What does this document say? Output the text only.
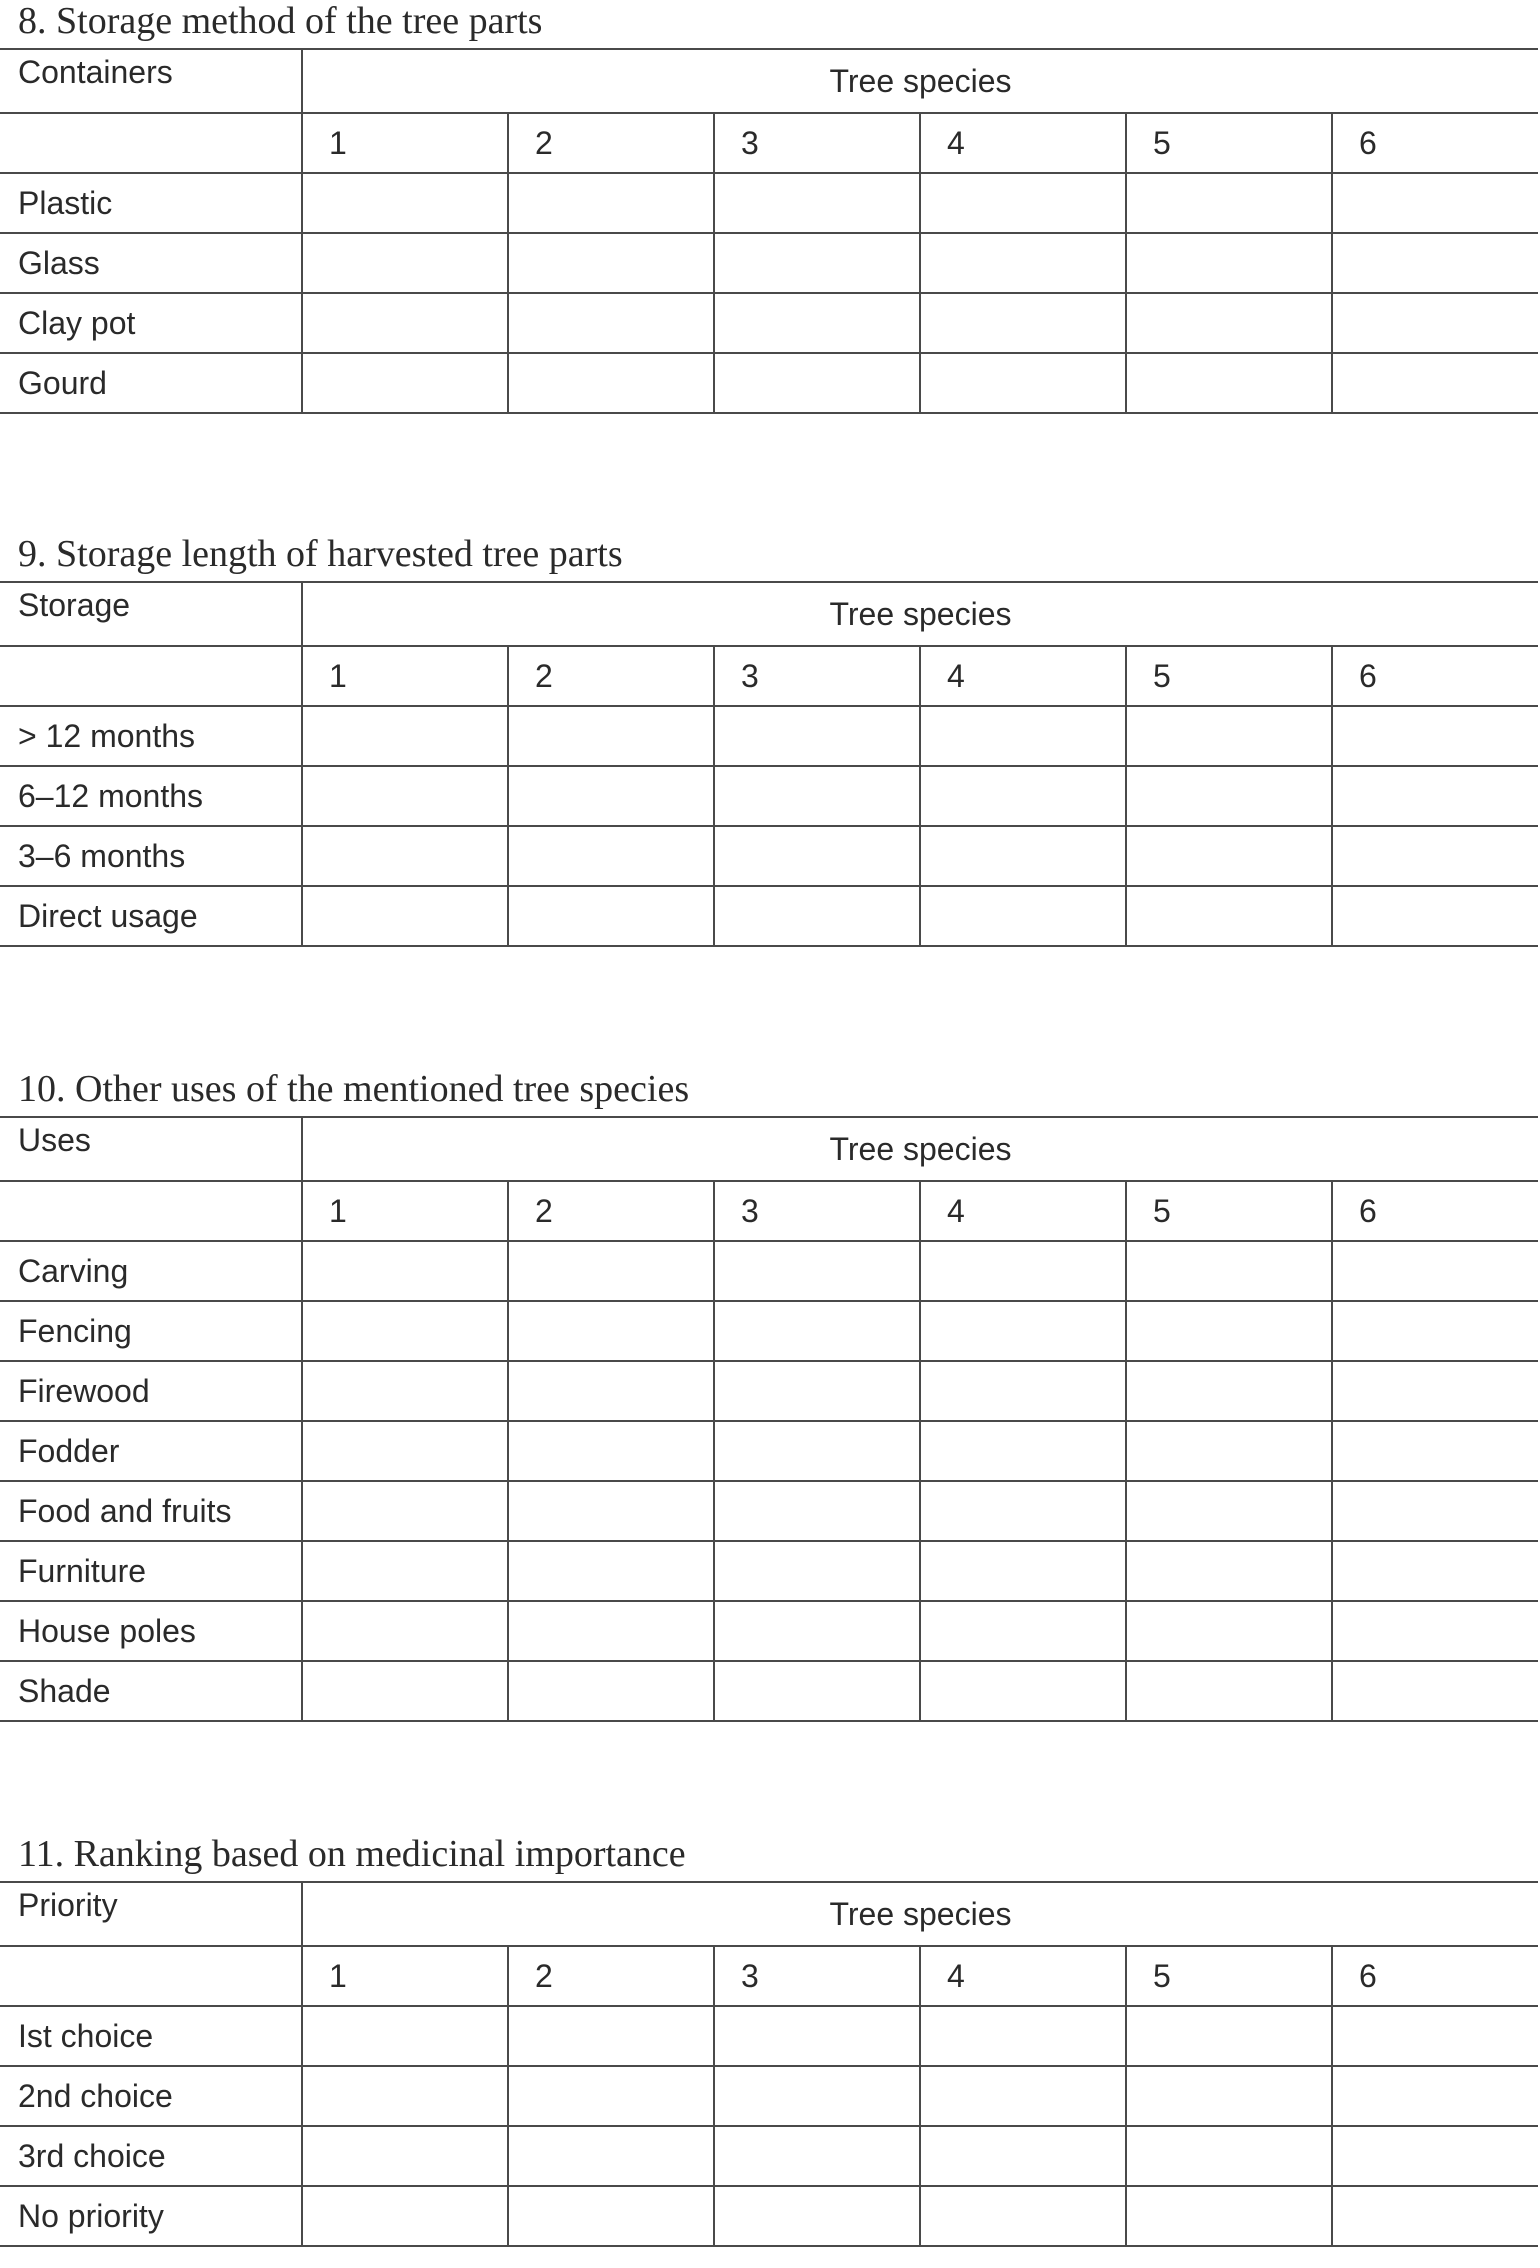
8. Storage method of the tree parts
Containers	Tree species					
	1	2	3	4	5	6
Plastic						
Glass						
Clay pot						
Gourd						
9. Storage length of harvested tree parts
Storage	Tree species					
	1	2	3	4	5	6
> 12 months						
6–12 months						
3–6 months						
Direct usage						
10. Other uses of the mentioned tree species
Uses	Tree species					
	1	2	3	4	5	6
Carving						
Fencing						
Firewood						
Fodder						
Food and fruits						
Furniture						
House poles						
Shade						
11. Ranking based on medicinal importance
Priority	Tree species					
	1	2	3	4	5	6
Ist choice						
2nd choice						
3rd choice						
No priority						
